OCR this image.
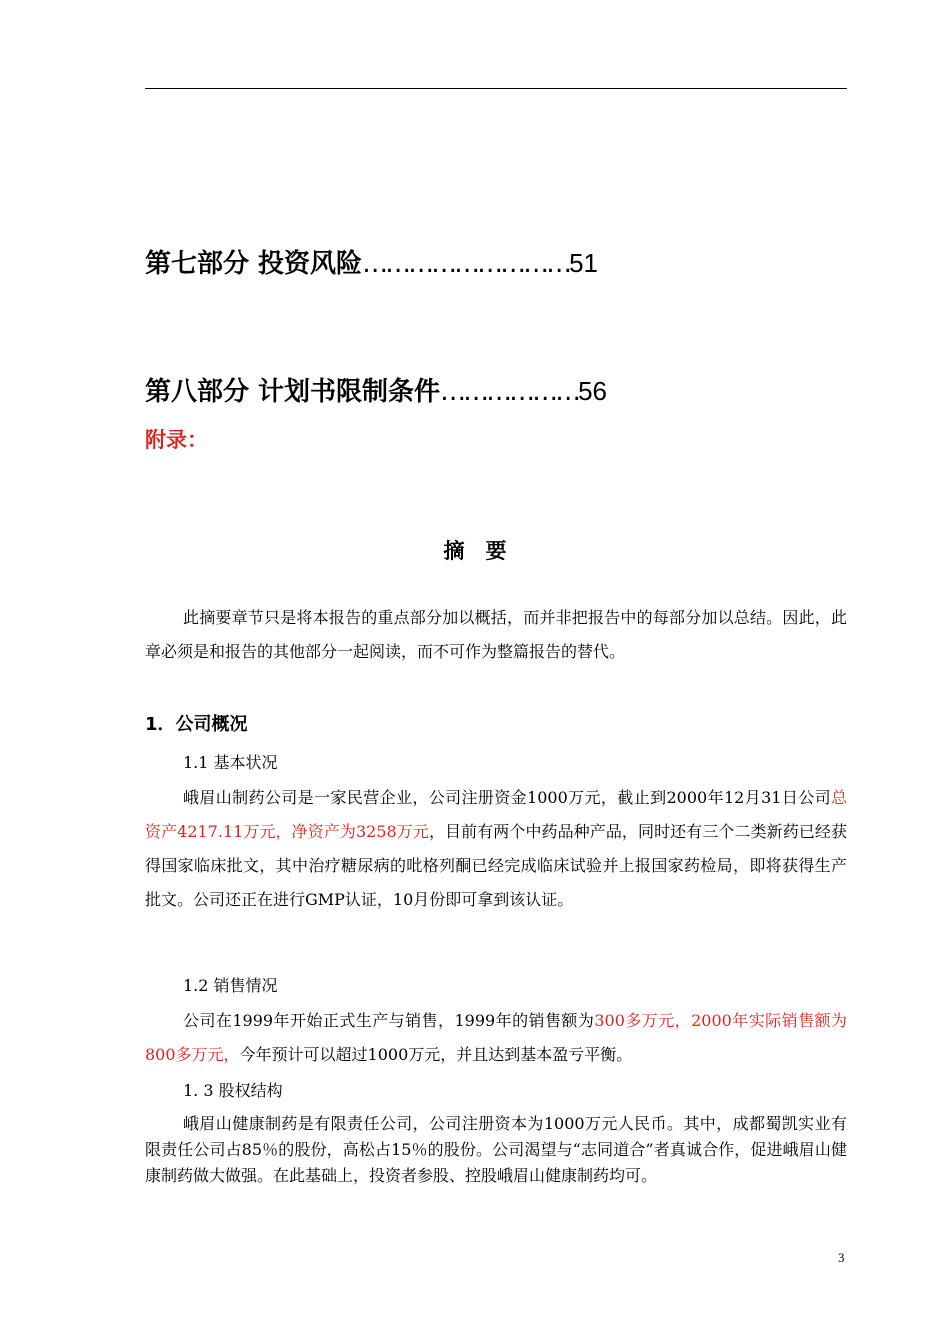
第七部分 投资风险………………………51
第八部分 计划书限制条件………………56
附录：
摘　要
此摘要章节只是将本报告的重点部分加以概括，而并非把报告中的每部分加以总结。因此，此章必须是和报告的其他部分一起阅读，而不可作为整篇报告的替代。
1．公司概况
1.1 基本状况
峨眉山制药公司是一家民营企业，公司注册资金1000万元，截止到2000年12月31日公司总资产4217.11万元，净资产为3258万元，目前有两个中药品种产品，同时还有三个二类新药已经获得国家临床批文，其中治疗糖尿病的吡格列酮已经完成临床试验并上报国家药检局，即将获得生产批文。公司还正在进行GMP认证，10月份即可拿到该认证。
1.2 销售情况
公司在1999年开始正式生产与销售，1999年的销售额为300多万元，2000年实际销售额为800多万元，今年预计可以超过1000万元，并且达到基本盈亏平衡。
1. 3 股权结构
峨眉山健康制药是有限责任公司，公司注册资本为1000万元人民币。其中，成都蜀凯实业有限责任公司占85％的股份，高松占15％的股份。公司渴望与“志同道合”者真诚合作，促进峨眉山健康制药做大做强。在此基础上，投资者参股、控股峨眉山健康制药均可。
3
